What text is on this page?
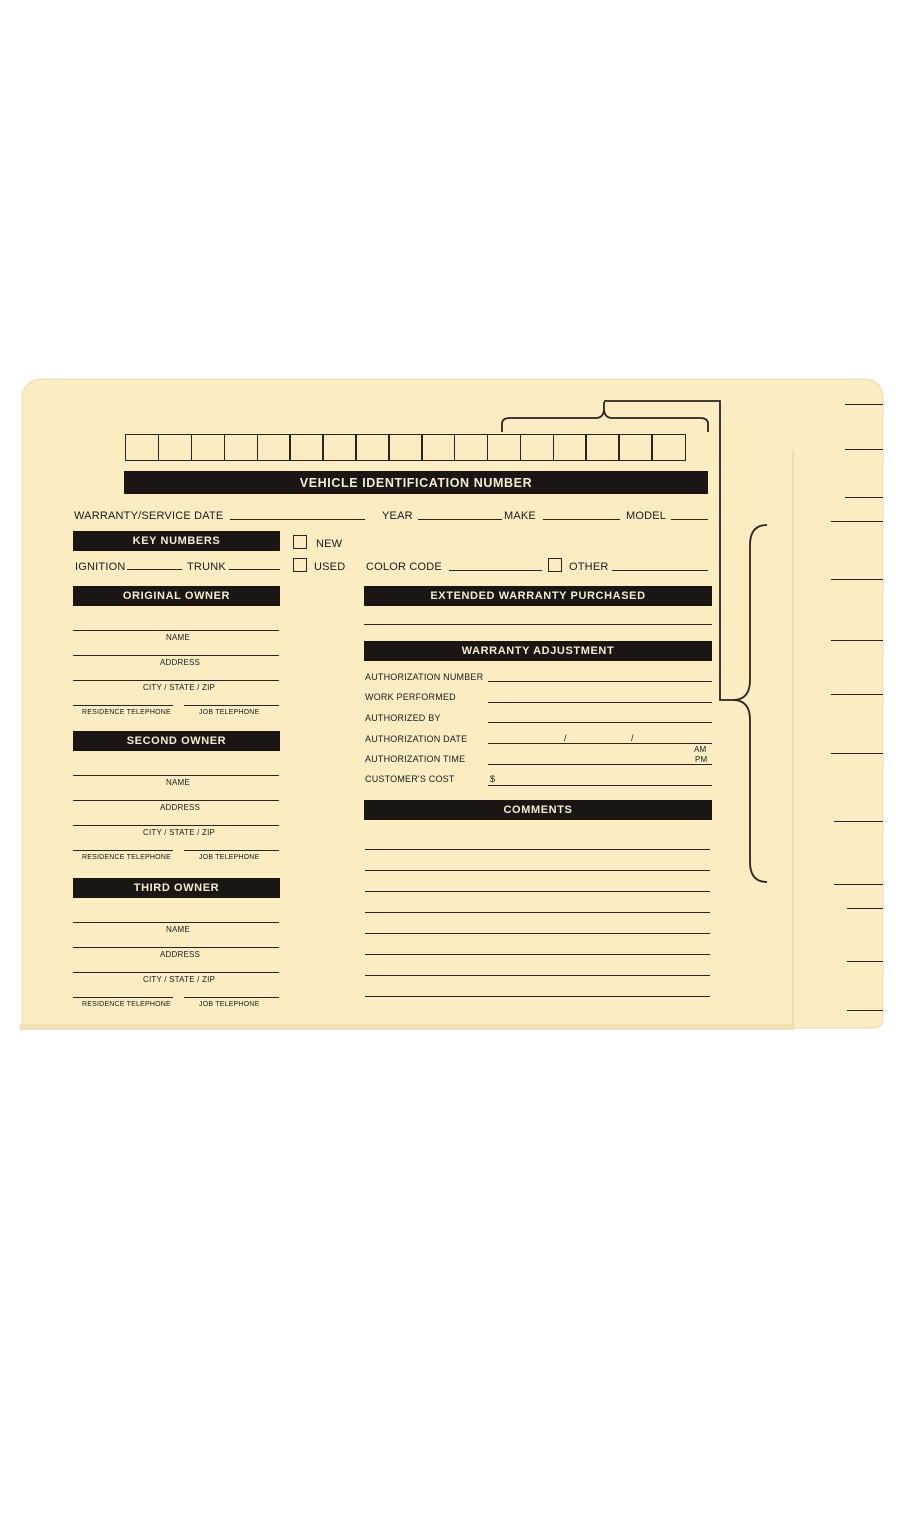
VEHICLE IDENTIFICATION NUMBER
WARRANTY/SERVICE DATE	YEAR	MAKE	MODEL
KEY NUMBERS
IGNITION	TRUNK
NEW
USED COLOR CODE	OTHER
ORIGINAL OWNER
NAME
ADDRESS
CITY / STATE / ZIP
RESIDENCE TELEPHONE	JOB TELEPHONE
SECOND OWNER
NAME
ADDRESS
CITY / STATE / ZIP
RESIDENCE TELEPHONE	JOB TELEPHONE
THIRD OWNER
NAME
ADDRESS
CITY / STATE / ZIP
RESIDENCE TELEPHONE	JOB TELEPHONE
EXTENDED WARRANTY PURCHASED
WARRANTY ADJUSTMENT
AUTHORIZATION NUMBER
WORK PERFORMED
AUTHORIZED BY
AUTHORIZATION DATE	/	/
AUTHORIZATION TIME
AM
PM
CUSTOMER'S COST	$
COMMENTS
